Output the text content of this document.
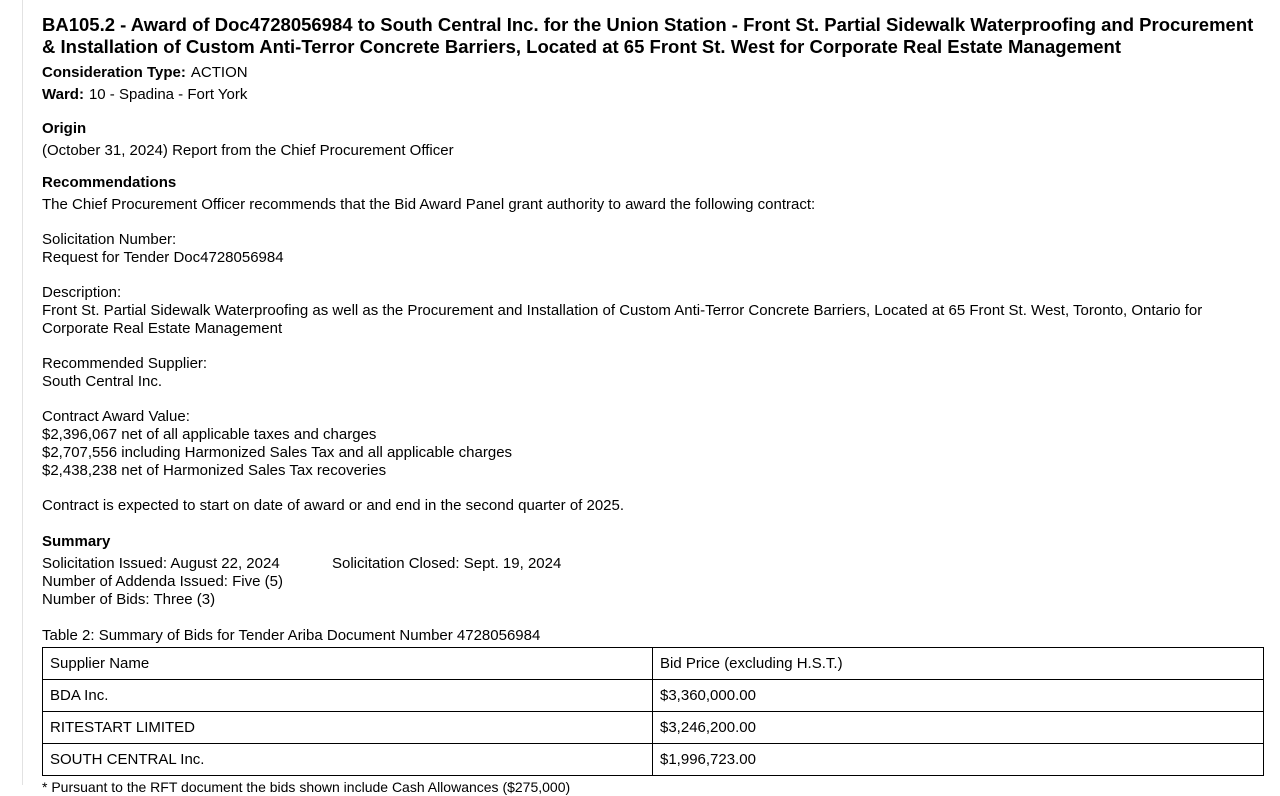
BA105.2 - Award of Doc4728056984 to South Central Inc. for the Union Station - Front St. Partial Sidewalk Waterproofing and Procurement & Installation of Custom Anti-Terror Concrete Barriers, Located at 65 Front St. West for Corporate Real Estate Management

Consideration Type: ACTION

Ward: 10 - Spadina - Fort York

Origin

(October 31, 2024) Report from the Chief Procurement Officer

Recommendations

The Chief Procurement Officer recommends that the Bid Award Panel grant authority to award the following contract:

Solicitation Number:

Request for Tender Doc4728056984

Description:

Front St. Partial Sidewalk Waterproofing as well as the Procurement and Installation of Custom Anti-Terror Concrete Barriers, Located at 65 Front St. West, Toronto, Ontario for Corporate Real Estate Management

Recommended Supplier:

South Central Inc.

Contract Award Value:

$2,396,067 net of all applicable taxes and charges

$2,707,556 including Harmonized Sales Tax and all applicable charges

$2,438,238 net of Harmonized Sales Tax recoveries

Contract is expected to start on date of award or and end in the second quarter of 2025.

Summary
Solicitation Issued: August 22, 2024	Solicitation Closed: Sept. 19, 2024

Number of Addenda Issued: Five (5)

Number of Bids: Three (3)

Table 2: Summary of Bids for Tender Ariba Document Number 4728056984

Supplier Name	Bid Price (excluding H.S.T.)
BDA Inc.	$3,360,000.00
RITESTART LIMITED	$3,246,200.00
SOUTH CENTRAL Inc.	$1,996,723.00
* Pursuant to the RFT document the bids shown include Cash Allowances ($275,000)
